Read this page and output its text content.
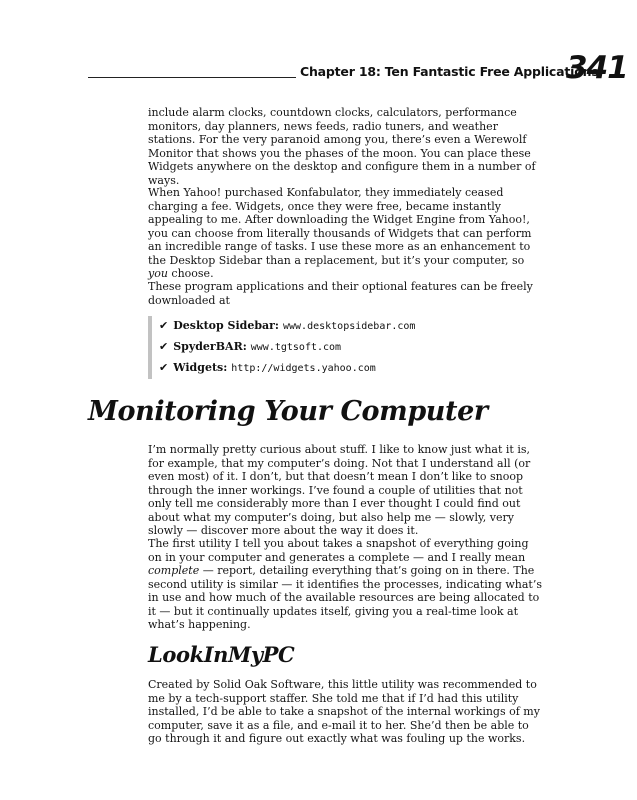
Chapter 18: Ten Fantastic Free Applications
341

include alarm clocks, countdown clocks, calculators, performance monitors, day planners, news feeds, radio tuners, and weather stations. For the very paranoid among you, there’s even a Werewolf Monitor that shows you the phases of the moon. You can place these Widgets anywhere on the desktop and configure them in a number of ways.

When Yahoo! purchased Konfabulator, they immediately ceased charging a fee. Widgets, once they were free, became instantly appealing to me. After downloading the Widget Engine from Yahoo!, you can choose from literally thousands of Widgets that can perform an incredible range of tasks. I use these more as an enhancement to the Desktop Sidebar than a replacement, but it’s your computer, so you choose.

These program applications and their optional features can be freely downloaded at

✔ Desktop Sidebar: www.desktopsidebar.com
✔ SpyderBAR: www.tgtsoft.com
✔ Widgets: http://widgets.yahoo.com
Monitoring Your Computer

I’m normally pretty curious about stuff. I like to know just what it is, for example, that my computer’s doing. Not that I understand all (or even most) of it. I don’t, but that doesn’t mean I don’t like to snoop through the inner workings. I’ve found a couple of utilities that not only tell me considerably more than I ever thought I could find out about what my computer’s doing, but also help me — slowly, very slowly — discover more about the way it does it.

The first utility I tell you about takes a snapshot of everything going on in your computer and generates a complete — and I really mean complete — report, detailing everything that’s going on in there. The second utility is similar — it identifies the processes, indicating what’s in use and how much of the available resources are being allocated to it — but it continually updates itself, giving you a real-time look at what’s happening.

LookInMyPC

Created by Solid Oak Software, this little utility was recommended to me by a tech-support staffer. She told me that if I’d had this utility installed, I’d be able to take a snapshot of the internal workings of my computer, save it as a file, and e-mail it to her. She’d then be able to go through it and figure out exactly what was fouling up the works.
